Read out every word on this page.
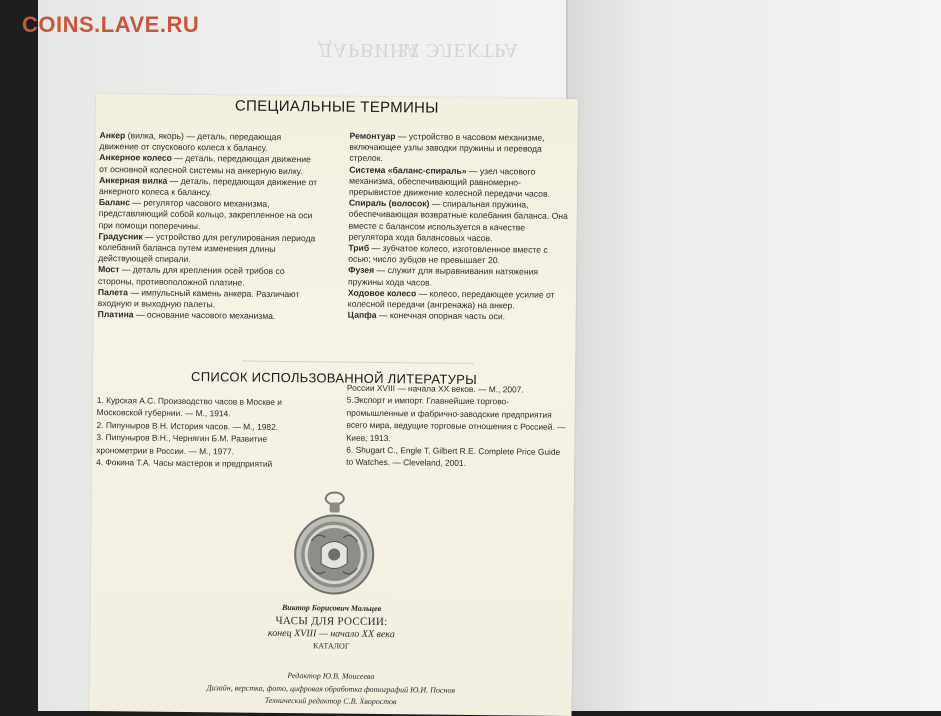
37 ЭЛЕКТРА
ДАРВИНА
COINS.LAVE.RU
СПЕЦИАЛЬНЫЕ ТЕРМИНЫ

Анкер (вилка, якорь) — деталь, передающая движение от спускового колеса к балансу.

Анкерное колесо — деталь, передающая движение от основной колесной системы на анкерную вилку.

Анкерная вилка — деталь, передающая движение от анкерного колеса к балансу.

Баланс — регулятор часового механизма, представляющий собой кольцо, закрепленное на оси при помощи поперечины.

Градусник — устройство для регулирования периода колебаний баланса путем изменения длины действующей спирали.

Мост — деталь для крепления осей трибов со стороны, противоположной платине.

Палета — импульсный камень анкера. Различают входную и выходную палеты.

Платина — основание часового механизма.

Ремонтуар — устройство в часовом механизме, включающее узлы заводки пружины и перевода стрелок.

Система «баланс-спираль» — узел часового механизма, обеспечивающий равномерно-прерывистое движение колесной передачи часов.

Спираль (волосок) — спиральная пружина, обеспечивающая возвратные колебания баланса. Она вместе с балансом используется в качестве регулятора хода балансовых часов.

Триб — зубчатое колесо, изготовленное вместе с осью; число зубцов не превышает 20.

Фузея — служит для выравнивания натяжения пружины хода часов.

Ходовое колесо — колесо, передающее усилие от колесной передачи (ангренажа) на анкер.

Цапфа — конечная опорная часть оси.

СПИСОК ИСПОЛЬЗОВАННОЙ ЛИТЕРАТУРЫ

1. Курская А.С. Производство часов в Москве и Московской губернии. — М., 1914.

2. Пипуныров В.Н. История часов. — М., 1982.

3. Пипуныров В.Н., Чернягин Б.М. Развитие хронометрии в России. — М., 1977.

4. Фокина Т.А. Часы мастеров и предприятий

России XVIII — начала XX веков. — М., 2007.

5.Экспорт и импорт. Главнейшие торгово-промышленные и фабрично-заводские предприятия всего мира, ведущие торговые отношения с Россией. — Киев, 1913.

6. Shugart C., Engle T, Gilbert R.E. Complete Price Guide to Watches. — Cleveland, 2001.

Виктор Борисович Мальцев
ЧАСЫ ДЛЯ РОССИИ:
конец XVIII — начало XX века
КАТАЛОГ
Редактор Ю.В. Моисеева
Дизайн, верстка, фото, цифровая обработка фотографий Ю.И. Поснов
Технический редактор С.В. Хворостов
